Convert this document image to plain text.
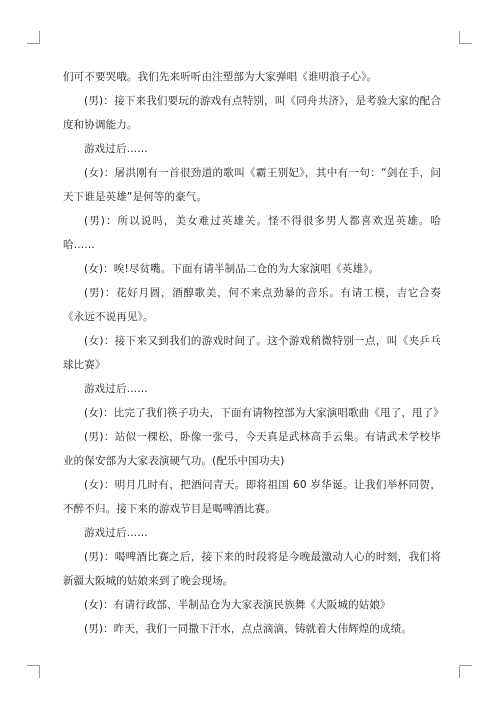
们可不要哭哦。我们先来听听由注塑部为大家弹唱《谁明浪子心》。

(男)：接下来我们要玩的游戏有点特别，叫《同舟共济》，是考验大家的配合度和协调能力。

游戏过后……

(女)：屠洪刚有一首很劲道的歌叫《霸王别妃》，其中有一句：“剑在手，问天下谁是英雄”是何等的豪气。

(男)：所以说吗，美女难过英雄关。怪不得很多男人都喜欢逞英雄。哈哈……

(女)：唉!尽贫嘴。下面有请半制品二仓的为大家演唱《英雄》。

(男)：花好月圆，酒醇歌美，何不来点劲暴的音乐。有请工模，吉它合奏《永远不说再见》。

(女)：接下来又到我们的游戏时间了。这个游戏稍微特别一点，叫《夹乒乓球比赛》

游戏过后……

(女)：比完了我们筷子功夫，下面有请物控部为大家演唱歌曲《甩了，甩了》

(男)：站似一棵松，卧像一张弓，今天真是武林高手云集。有请武术学校毕业的保安部为大家表演硬气功。(配乐中国功夫)

(女)：明月几时有，把酒问青天。即将祖国 60 岁华诞。让我们举杯同贺，不醉不归。接下来的游戏节目是喝啤酒比赛。

游戏过后……

(男)：喝啤酒比赛之后，接下来的时段将是今晚最激动人心的时刻，我们将新疆大阪城的姑娘来到了晚会现场。

(女)：有请行政部、半制品仓为大家表演民族舞《大阪城的姑娘》

(男)：昨天，我们一同撒下汗水，点点滴滴，铸就着大伟辉煌的成绩。
